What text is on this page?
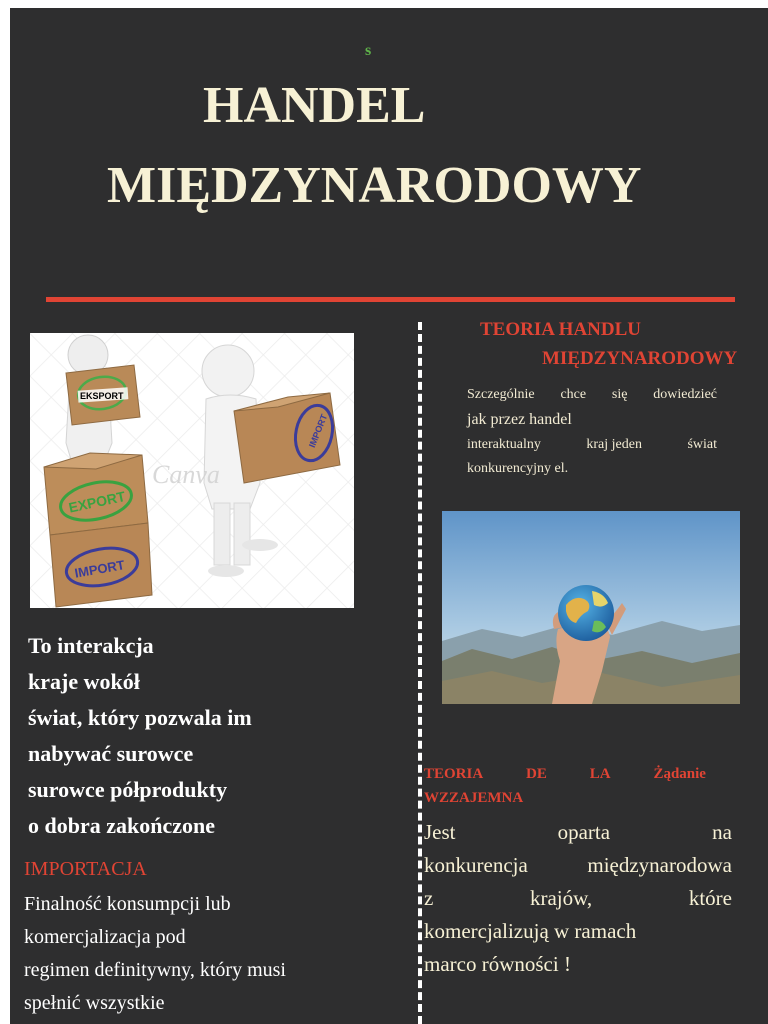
s
HANDEL
MIĘDZYNARODOWY
EKSPORT
EXPORT
IMPORT
IMPORT
Canva
To interakcja
kraje wokół
świat, który pozwala im
nabywać surowce
surowce półprodukty
o dobra zakończone
IMPORTACJA
Finalność konsumpcji lub
komercjalizacja pod
regimen definitywny, który musi
spełnić wszystkie
TEORIA HANDLU
MIĘDZYNARODOWY
Szczególnie chce się dowiedzieć
jak przez handel
interaktualny	kraj jeden	świat
konkurencyjny el.
TEORIA	DE	LA	Żądanie
WZZAJEMNA
Jest	oparta	na
konkurencja	międzynarodowa
z	krajów,	które
komercjalizują w ramach
marco równości !
